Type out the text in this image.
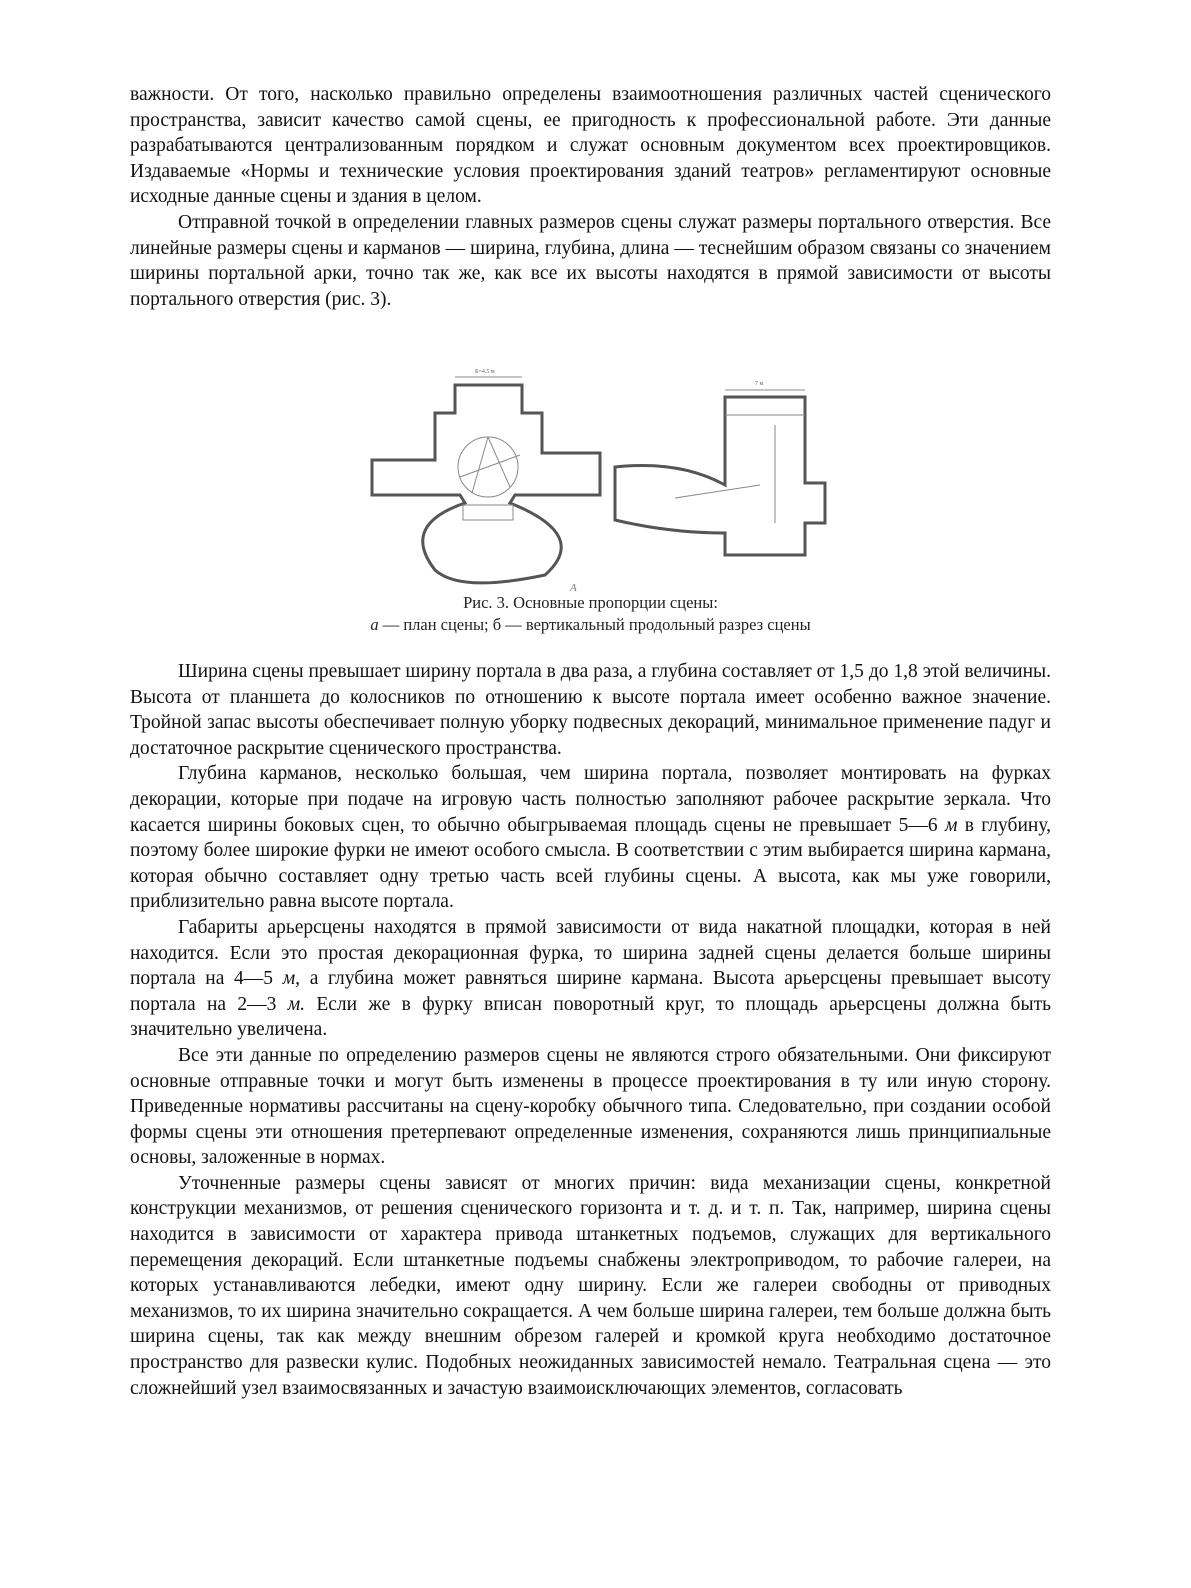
важности. От того, насколько правильно определены взаимоотношения различных частей сценического пространства, зависит качество самой сцены, ее пригодность к профессиональной работе. Эти данные разрабатываются централизованным порядком и служат основным документом всех проектировщиков. Издаваемые «Нормы и технические условия проектирования зданий театров» регламентируют основные исходные данные сцены и здания в целом.

Отправной точкой в определении главных размеров сцены служат размеры портального отверстия. Все линейные размеры сцены и карманов — ширина, глубина, длина — теснейшим образом связаны со значением ширины портальной арки, точно так же, как все их высоты находятся в прямой зависимости от высоты портального отверстия (рис. 3).

Б=4.5 м
7 м
А
Рис. 3. Основные пропорции сцены:
а — план сцены; б — вертикальный продольный разрез сцены

Ширина сцены превышает ширину портала в два раза, а глубина составляет от 1,5 до 1,8 этой величины. Высота от планшета до колосников по отношению к высоте портала имеет особенно важное значение. Тройной запас высоты обеспечивает полную уборку подвесных декораций, минимальное применение падуг и достаточное раскрытие сценического пространства.

Глубина карманов, несколько большая, чем ширина портала, позволяет монтировать на фурках декорации, которые при подаче на игровую часть полностью заполняют рабочее раскрытие зеркала. Что касается ширины боковых сцен, то обычно обыгрываемая площадь сцены не превышает 5—6 м в глубину, поэтому более широкие фурки не имеют особого смысла. В соответствии с этим выбирается ширина кармана, которая обычно составляет одну третью часть всей глубины сцены. А высота, как мы уже говорили, приблизительно равна высоте портала.

Габариты арьерсцены находятся в прямой зависимости от вида накатной площадки, которая в ней находится. Если это простая декорационная фурка, то ширина задней сцены делается больше ширины портала на 4—5 м, а глубина может равняться ширине кармана. Высота арьерсцены превышает высоту портала на 2—3 м. Если же в фурку вписан поворотный круг, то площадь арьерсцены должна быть значительно увеличена.

Все эти данные по определению размеров сцены не являются строго обязательными. Они фиксируют основные отправные точки и могут быть изменены в процессе проектирования в ту или иную сторону. Приведенные нормативы рассчитаны на сцену-коробку обычного типа. Следовательно, при создании особой формы сцены эти отношения претерпевают определенные изменения, сохраняются лишь принципиальные основы, заложенные в нормах.

Уточненные размеры сцены зависят от многих причин: вида механизации сцены, конкретной конструкции механизмов, от решения сценического горизонта и т. д. и т. п. Так, например, ширина сцены находится в зависимости от характера привода штанкетных подъемов, служащих для вертикального перемещения декораций. Если штанкетные подъемы снабжены электроприводом, то рабочие галереи, на которых устанавливаются лебедки, имеют одну ширину. Если же галереи свободны от приводных механизмов, то их ширина значительно сокращается. А чем больше ширина галереи, тем больше должна быть ширина сцены, так как между внешним обрезом галерей и кромкой круга необходимо достаточное пространство для развески кулис. Подобных неожиданных зависимостей немало. Театральная сцена — это сложнейший узел взаимосвязанных и зачастую взаимоисключающих элементов, согласовать
